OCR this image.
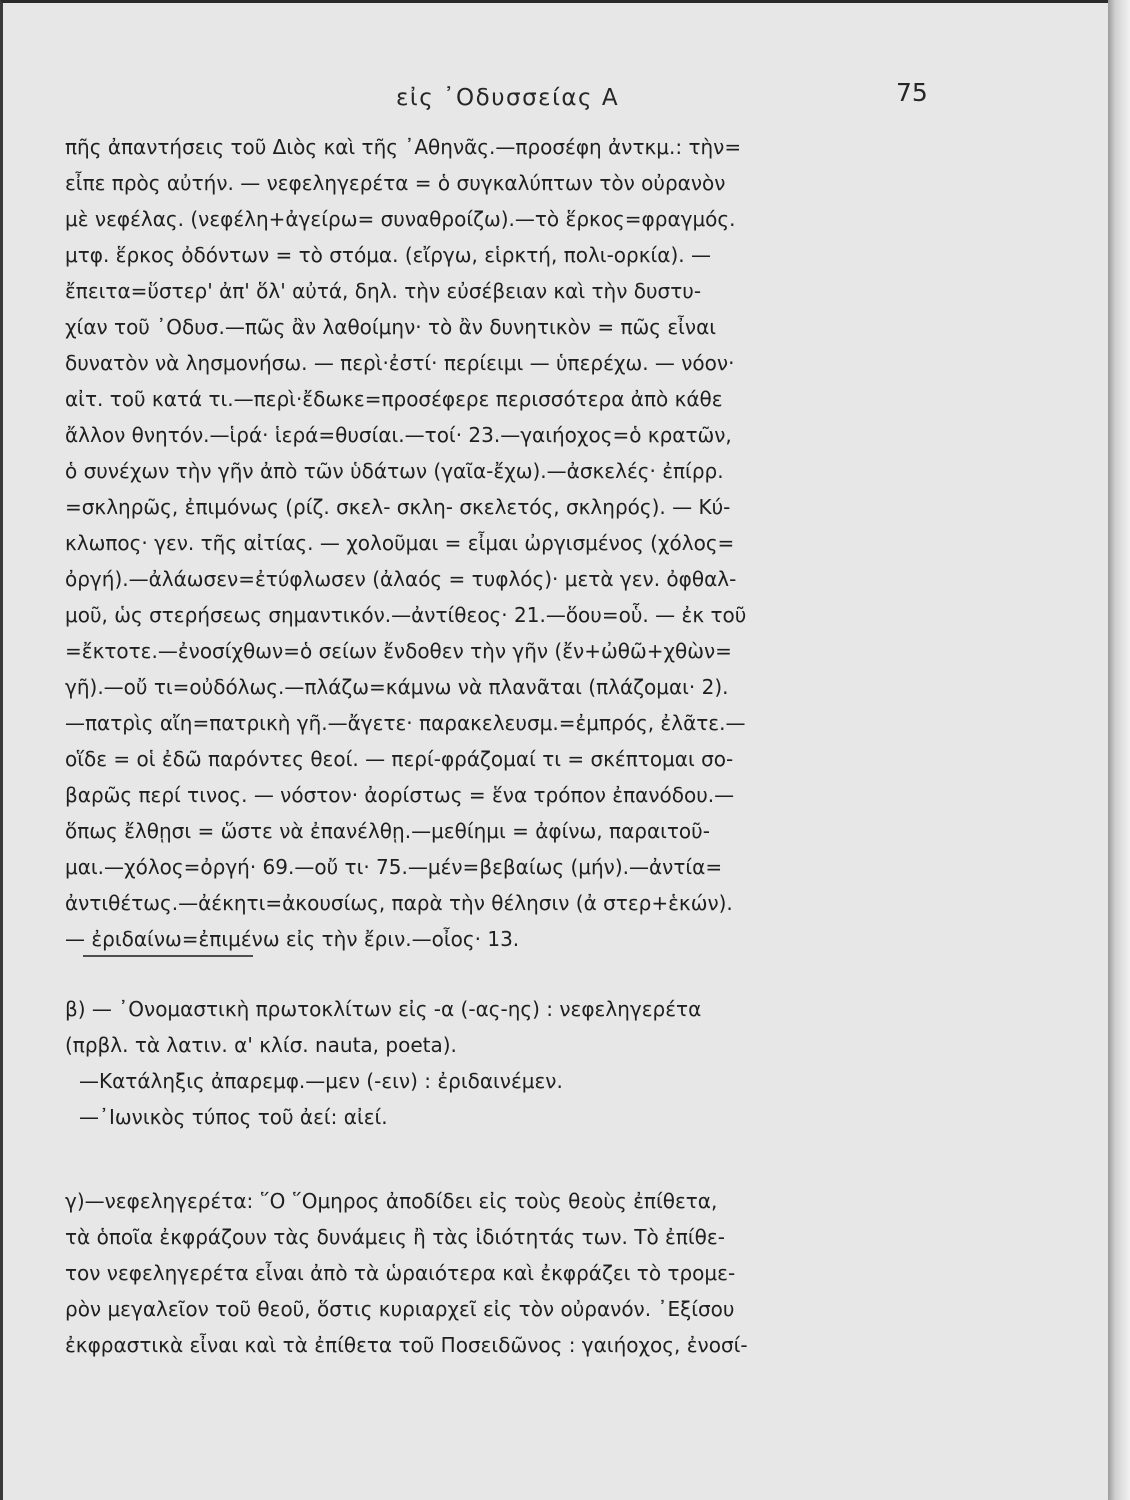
εἰς ᾿Οδυσσείας Α	75
πῆς ἀπαντήσεις τοῦ Διὸς καὶ τῆς ᾿Αθηνᾶς.—προσέφη ἀντκμ.: τὴν=
εἶπε πρὸς αὐτήν. — νεφεληγερέτα = ὁ συγκαλύπτων τὸν οὐρανὸν
μὲ νεφέλας. (νεφέλη+ἀγείρω= συναθροίζω).—τὸ ἕρκος=φραγμός.
μτφ. ἕρκος ὀδόντων = τὸ στόμα. (εἴργω, εἱρκτή, πολι-ορκία). —
ἔπειτα=ὕστερ' ἀπ' ὅλ' αὐτά, δηλ. τὴν εὐσέβειαν καὶ τὴν δυστυ-
χίαν τοῦ ᾿Οδυσ.—πῶς ἂν λαθοίμην· τὸ ἂν δυνητικὸν = πῶς εἶναι
δυνατὸν νὰ λησμονήσω. — περὶ·ἐστί· περίειμι — ὑπερέχω. — νόον·
αἰτ. τοῦ κατά τι.—περὶ·ἔδωκε=προσέφερε περισσότερα ἀπὸ κάθε
ἄλλον θνητόν.—ἱρά· ἱερά=θυσίαι.—τοί· 23.—γαιήοχος=ὁ κρατῶν,
ὁ συνέχων τὴν γῆν ἀπὸ τῶν ὑδάτων (γαῖα-ἔχω).—ἀσκελές· ἐπίρρ.
=σκληρῶς, ἐπιμόνως (ρίζ. σκελ- σκλη- σκελετός, σκληρός). — Κύ-
κλωπος· γεν. τῆς αἰτίας. — χολοῦμαι = εἶμαι ὠργισμένος (χόλος=
ὀργή).—ἀλάωσεν=ἐτύφλωσεν (ἀλαός = τυφλός)· μετὰ γεν. ὀφθαλ-
μοῦ, ὡς στερήσεως σημαντικόν.—ἀντίθεος· 21.—ὅου=οὗ. — ἐκ τοῦ
=ἔκτοτε.—ἐνοσίχθων=ὁ σείων ἔνδοθεν τὴν γῆν (ἔν+ὠθῶ+χθὼν=
γῆ).—οὔ τι=οὐδόλως.—πλάζω=κάμνω νὰ πλανᾶται (πλάζομαι· 2).
—πατρὶς αἴη=πατρικὴ γῆ.—ἄγετε· παρακελευσμ.=ἐμπρός, ἐλᾶτε.—
οἵδε = οἱ ἐδῶ παρόντες θεοί. — περί-φράζομαί τι = σκέπτομαι σο-
βαρῶς περί τινος. — νόστον· ἀορίστως = ἕνα τρόπον ἐπανόδου.—
ὅπως ἔλθῃσι = ὥστε νὰ ἐπανέλθῃ.—μεθίημι = ἀφίνω, παραιτοῦ-
μαι.—χόλος=ὀργή· 69.—οὔ τι· 75.—μέν=βεβαίως (μήν).—ἀντία=
ἀντιθέτως.—ἀέκητι=ἀκουσίως, παρὰ τὴν θέλησιν (ἀ στερ+ἑκών).
— ἐριδαίνω=ἐπιμένω εἰς τὴν ἔριν.—οἶος· 13.
β) — ᾿Ονομαστικὴ πρωτοκλίτων εἰς -α (-ας-ης) : νεφεληγερέτα
(πρβλ. τὰ λατιν. α' κλίσ. nauta, poeta).
—Κατάληξις ἀπαρεμφ.—μεν (-ειν) : ἐριδαινέμεν.
—᾿Ιωνικὸς τύπος τοῦ ἀεί: αἰεί.
γ)—νεφεληγερέτα: ῞Ο ῞Ομηρος ἀποδίδει εἰς τοὺς θεοὺς ἐπίθετα,
τὰ ὁποῖα ἐκφράζουν τὰς δυνάμεις ἢ τὰς ἰδιότητάς των. Τὸ ἐπίθε-
τον νεφεληγερέτα εἶναι ἀπὸ τὰ ὡραιότερα καὶ ἐκφράζει τὸ τρομε-
ρὸν μεγαλεῖον τοῦ θεοῦ, ὅστις κυριαρχεῖ εἰς τὸν οὐρανόν. ᾿Εξίσου
ἐκφραστικὰ εἶναι καὶ τὰ ἐπίθετα τοῦ Ποσειδῶνος : γαιήοχος, ἐνοσί-
